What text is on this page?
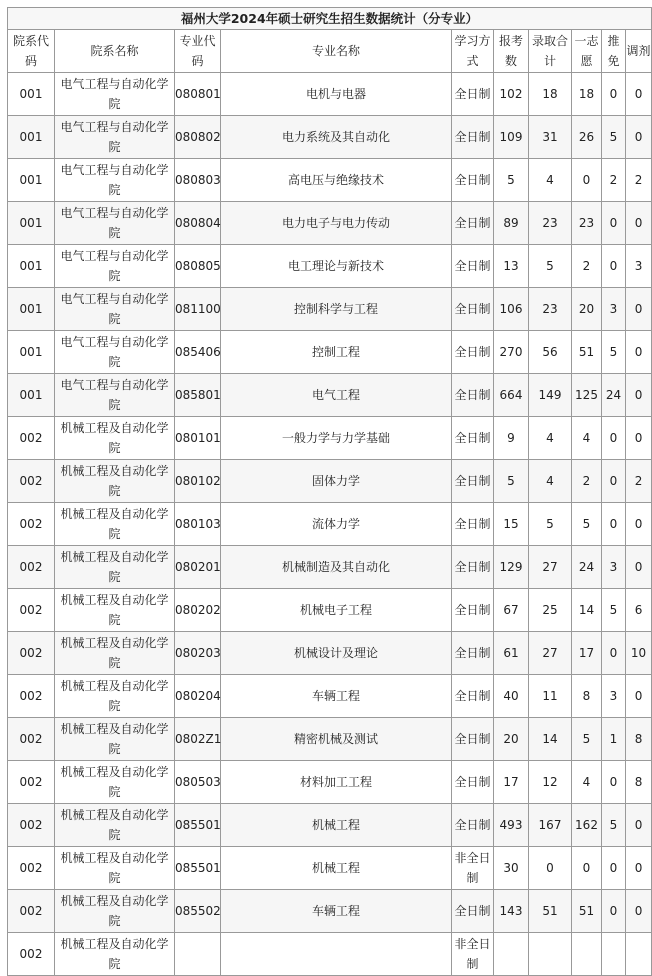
福州大学2024年硕士研究生招生数据统计（分专业）									
院系代码	院系名称	专业代码	专业名称	学习方式	报考数	录取合计	一志愿	推免	调剂
001	电气工程与自动化学院	080801	电机与电器	全日制	102	18	18	0	0
001	电气工程与自动化学院	080802	电力系统及其自动化	全日制	109	31	26	5	0
001	电气工程与自动化学院	080803	高电压与绝缘技术	全日制	5	4	0	2	2
001	电气工程与自动化学院	080804	电力电子与电力传动	全日制	89	23	23	0	0
001	电气工程与自动化学院	080805	电工理论与新技术	全日制	13	5	2	0	3
001	电气工程与自动化学院	081100	控制科学与工程	全日制	106	23	20	3	0
001	电气工程与自动化学院	085406	控制工程	全日制	270	56	51	5	0
001	电气工程与自动化学院	085801	电气工程	全日制	664	149	125	24	0
002	机械工程及自动化学院	080101	一般力学与力学基础	全日制	9	4	4	0	0
002	机械工程及自动化学院	080102	固体力学	全日制	5	4	2	0	2
002	机械工程及自动化学院	080103	流体力学	全日制	15	5	5	0	0
002	机械工程及自动化学院	080201	机械制造及其自动化	全日制	129	27	24	3	0
002	机械工程及自动化学院	080202	机械电子工程	全日制	67	25	14	5	6
002	机械工程及自动化学院	080203	机械设计及理论	全日制	61	27	17	0	10
002	机械工程及自动化学院	080204	车辆工程	全日制	40	11	8	3	0
002	机械工程及自动化学院	0802Z1	精密机械及测试	全日制	20	14	5	1	8
002	机械工程及自动化学院	080503	材料加工工程	全日制	17	12	4	0	8
002	机械工程及自动化学院	085501	机械工程	全日制	493	167	162	5	0
002	机械工程及自动化学院	085501	机械工程	非全日制	30	0	0	0	0
002	机械工程及自动化学院	085502	车辆工程	全日制	143	51	51	0	0
002	机械工程及自动化学院			非全日制					
